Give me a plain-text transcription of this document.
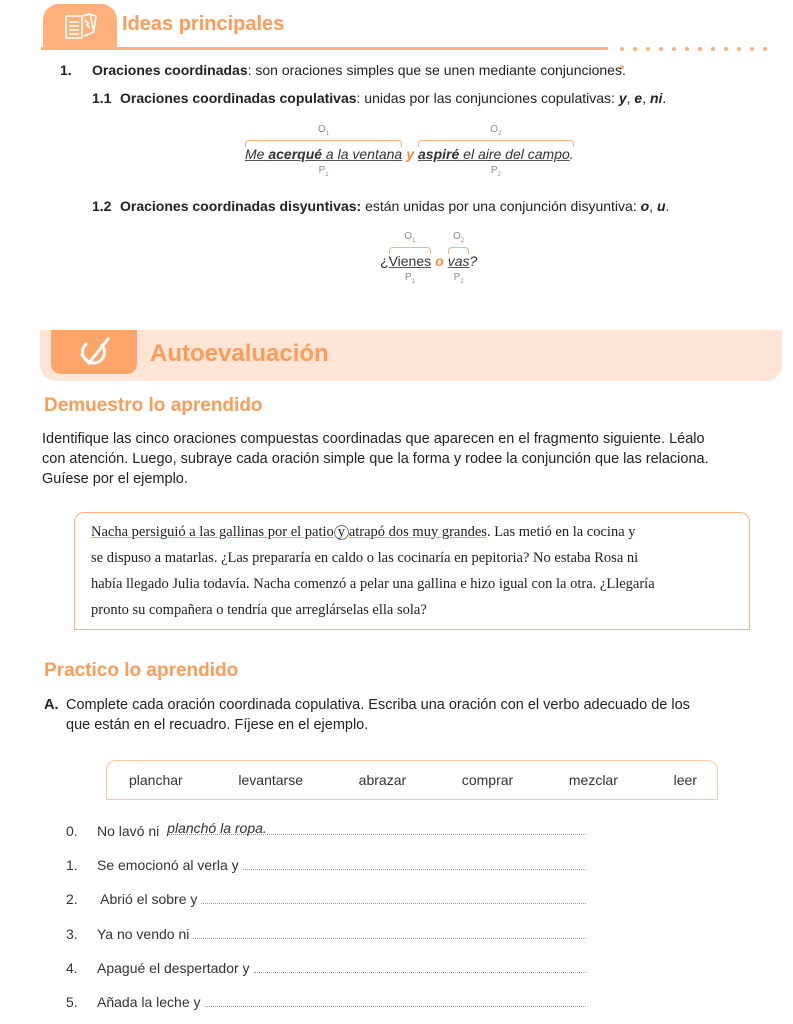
Ideas principales
1. Oraciones coordinadas: son oraciones simples que se unen mediante conjunciones.
1.1 Oraciones coordinadas copulativas: unidas por las conjunciones copulativas: y, e, ni.
$O_1$
Me acerqué a la ventana
$P_1$
y
$O_2$
aspiré el aire del campo.
$P_2$
1.2 Oraciones coordinadas disyuntivas: están unidas por una conjunción disyuntiva: o, u.
¿
$O_1$
Vienes
$P_1$
o
$O_2$
vas
$P_2$
?
Autoevaluación
Demuestro lo aprendido
Identifique las cinco oraciones compuestas coordinadas que aparecen en el fragmento siguiente. Léalo
con atención. Luego, subraye cada oración simple que la forma y rodee la conjunción que las relaciona.
Guíese por el ejemplo.
Nacha persiguió a las gallinas por el patio y atrapó dos muy grandes. Las metió en la cocina y
se dispuso a matarlas. ¿Las prepararía en caldo o las cocinaría en pepitoria? No estaba Rosa ni
había llegado Julia todavía. Nacha comenzó a pelar una gallina e hizo igual con la otra. ¿Llegaría
pronto su compañera o tendría que arreglárselas ella sola?
Practico lo aprendido
A. Complete cada oración coordinada copulativa. Escriba una oración con el verbo adecuado de los
que están en el recuadro. Fíjese en el ejemplo.
planchar	levantarse	abrazar	comprar	mezclar	leer
0.	No lavó ni planchó la ropa.
1.	Se emocionó al verla y
2.	Abrió el sobre y
3.	Ya no vendo ni
4.	Apagué el despertador y
5.	Añada la leche y
